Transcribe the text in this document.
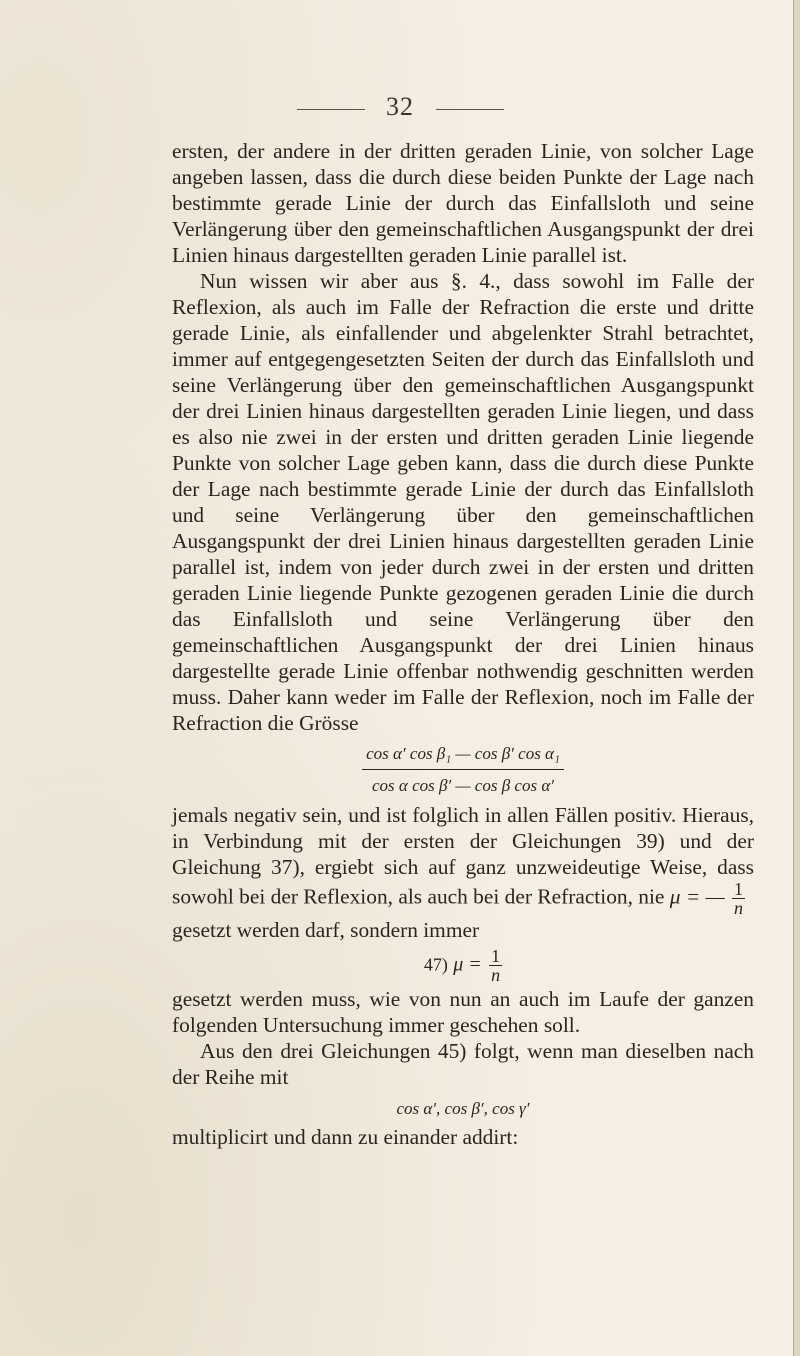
32

ersten, der andere in der dritten geraden Linie, von solcher Lage angeben lassen, dass die durch diese beiden Punkte der Lage nach bestimmte gerade Linie der durch das Einfallsloth und seine Verlängerung über den gemeinschaftlichen Ausgangspunkt der drei Linien hinaus dargestellten geraden Linie parallel ist.

Nun wissen wir aber aus §. 4., dass sowohl im Falle der Reflexion, als auch im Falle der Refraction die erste und dritte gerade Linie, als einfallender und abgelenkter Strahl betrachtet, immer auf entgegengesetzten Seiten der durch das Einfallsloth und seine Verlängerung über den gemeinschaftlichen Ausgangspunkt der drei Linien hinaus dargestellten geraden Linie liegen, und dass es also nie zwei in der ersten und dritten geraden Linie liegende Punkte von solcher Lage geben kann, dass die durch diese Punkte der Lage nach bestimmte gerade Linie der durch das Einfallsloth und seine Verlängerung über den gemeinschaftlichen Ausgangspunkt der drei Linien hinaus dargestellten geraden Linie parallel ist, indem von jeder durch zwei in der ersten und dritten geraden Linie liegende Punkte gezogenen geraden Linie die durch das Einfallsloth und seine Verlängerung über den gemeinschaftlichen Ausgangspunkt der drei Linien hinaus dargestellte gerade Linie offenbar nothwendig geschnitten werden muss. Daher kann weder im Falle der Reflexion, noch im Falle der Refraction die Grösse

$\frac{\text{cos α′ cos β₁ — cos β′ cos α₁}}{\text{cos α cos β′ — cos β cos α′}}$

jemals negativ sein, und ist folglich in allen Fällen positiv. Hieraus, in Verbindung mit der ersten der Gleichungen 39) und der Gleichung 37), ergiebt sich auf ganz unzweideutige Weise, dass sowohl bei der Reflexion, als auch bei der Refraction, nie μ = — $\frac{1}{n}$

gesetzt werden darf, sondern immer

47) $\mu = \frac{1}{n}$

gesetzt werden muss, wie von nun an auch im Laufe der ganzen folgenden Untersuchung immer geschehen soll.

Aus den drei Gleichungen 45) folgt, wenn man dieselben nach der Reihe mit

cos α′, cos β′, cos γ′

multiplicirt und dann zu einander addirt:
